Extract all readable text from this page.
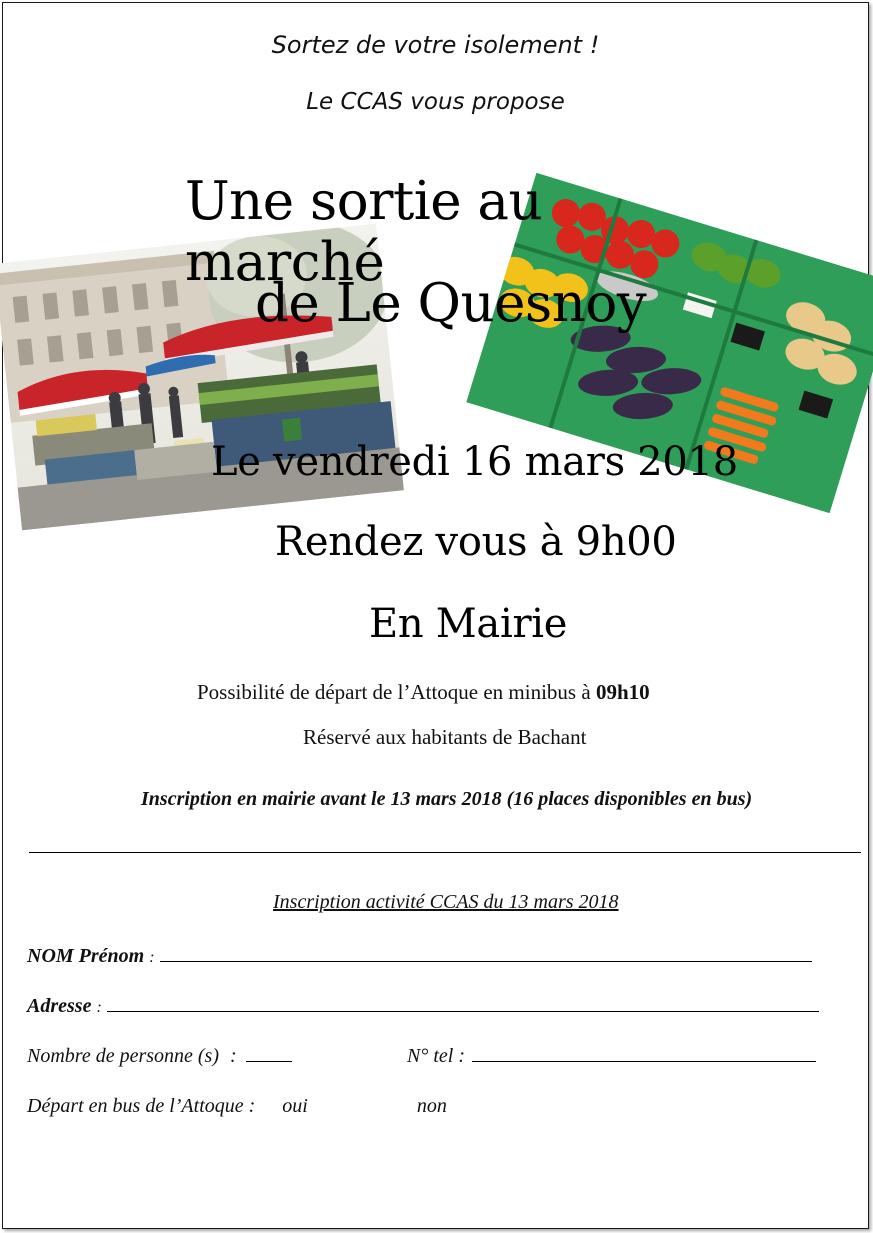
Sortez de votre isolement !
Le CCAS vous propose
Une sortie au marché
de Le Quesnoy
Le vendredi 16 mars 2018
Rendez vous à 9h00
En Mairie
Possibilité de départ de l’Attoque en minibus à 09h10
Réservé aux habitants de Bachant
Inscription en mairie avant le 13 mars 2018 (16 places disponibles en bus)
Inscription activité CCAS du 13 mars 2018
NOM Prénom :
Adresse :
Nombre de personne (s) :	N° tel :
Départ en bus de l’Attoque : oui	non
